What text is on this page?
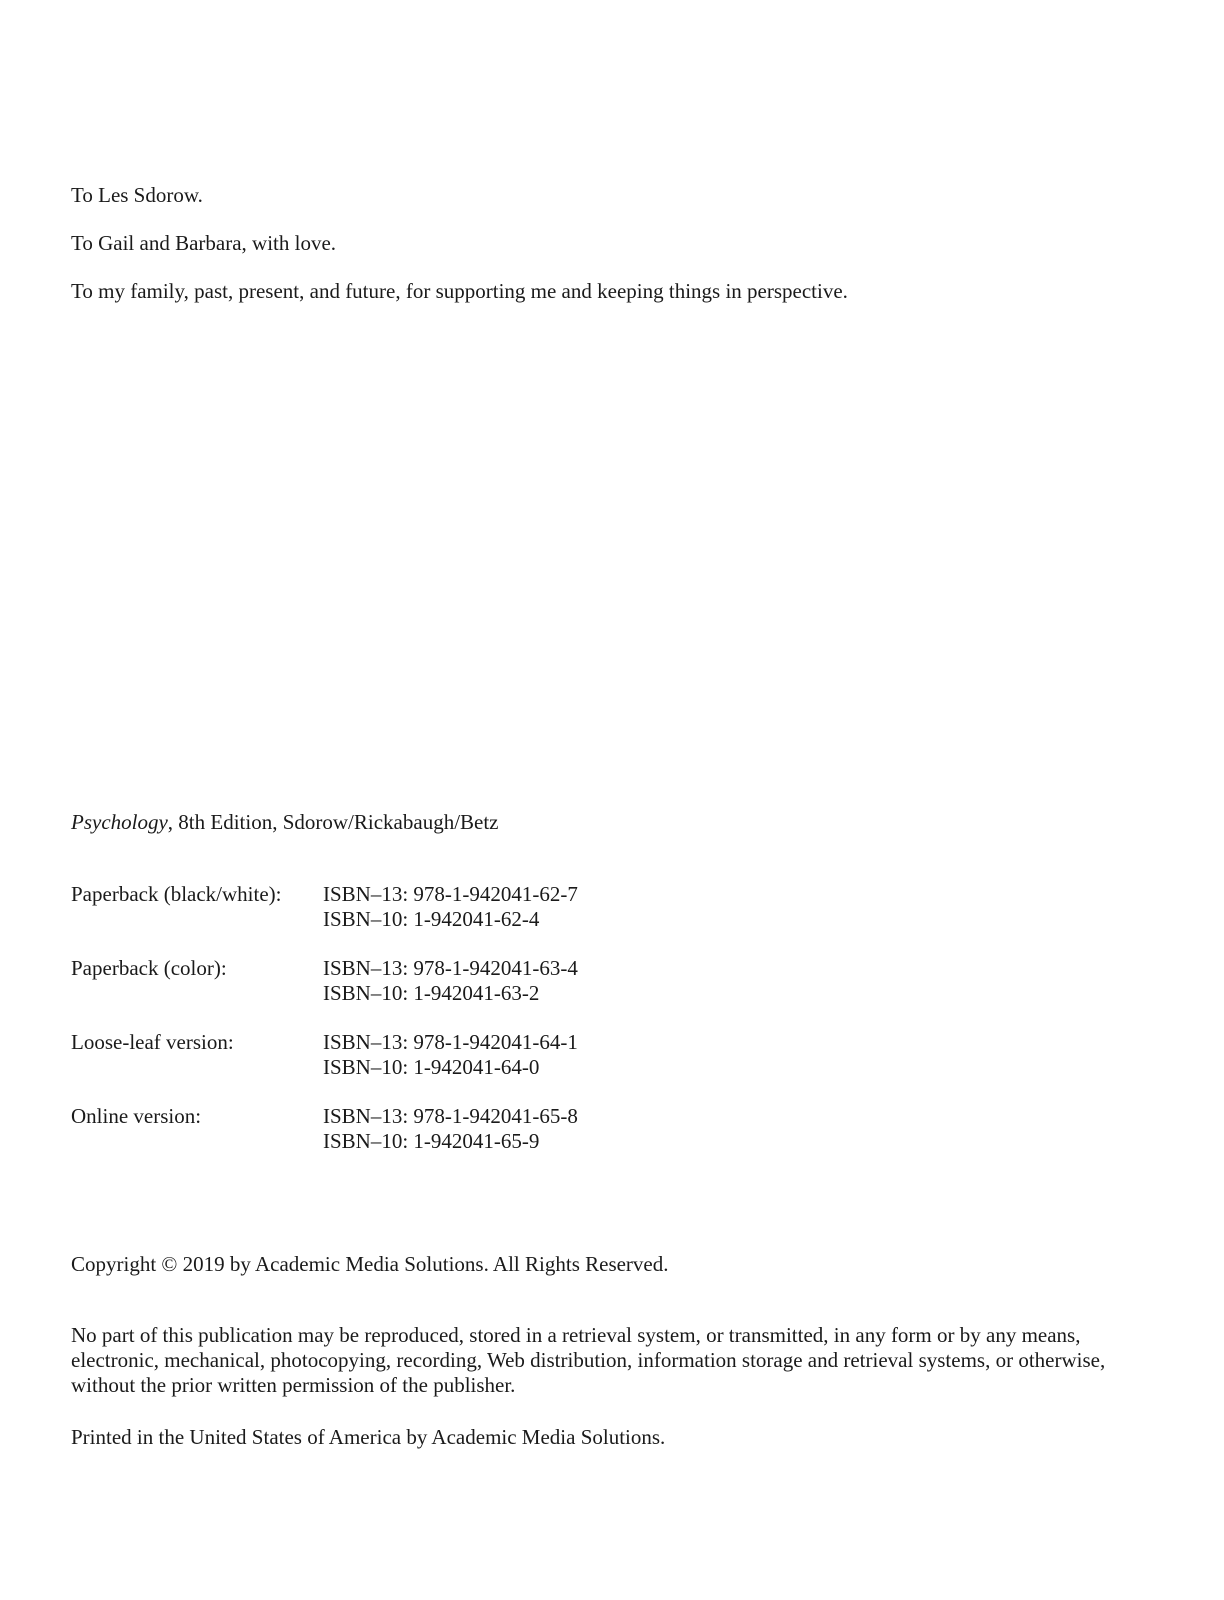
To Les Sdorow.

To Gail and Barbara, with love.

To my family, past, present, and future, for supporting me and keeping things in perspective.

Psychology, 8th Edition, Sdorow/Rickabaugh/Betz
Paperback (black/white):	ISBN–13: 978-1-942041-62-7
ISBN–10: 1-942041-62-4
Paperback (color):	ISBN–13: 978-1-942041-63-4
ISBN–10: 1-942041-63-2
Loose-leaf version:	ISBN–13: 978-1-942041-64-1
ISBN–10: 1-942041-64-0
Online version:	ISBN–13: 978-1-942041-65-8
ISBN–10: 1-942041-65-9
Copyright © 2019 by Academic Media Solutions. All Rights Reserved.
No part of this publication may be reproduced, stored in a retrieval system, or transmitted, in any form or by any means, electronic, mechanical, photocopying, recording, Web distribution, information storage and retrieval systems, or otherwise, without the prior written permission of the publisher.
Printed in the United States of America by Academic Media Solutions.
